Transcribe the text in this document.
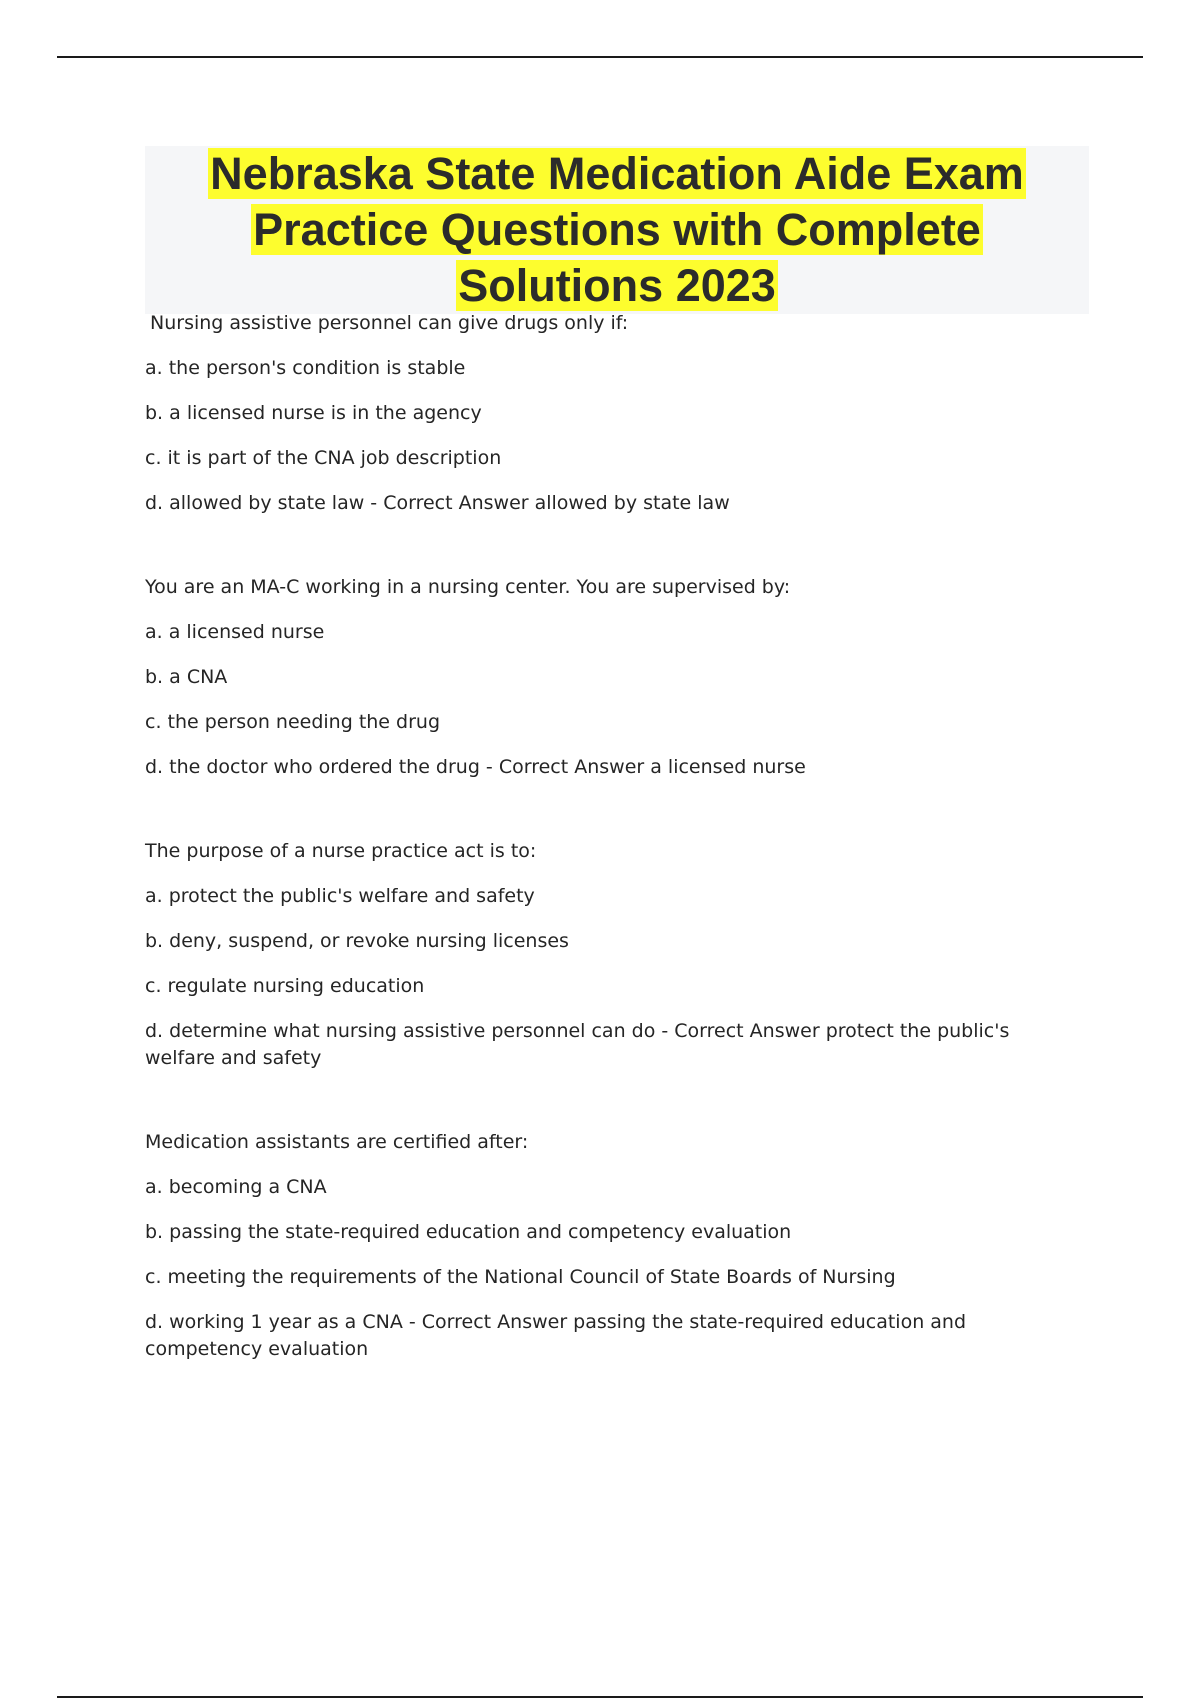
Nebraska State Medication Aide Exam
Practice Questions with Complete
Solutions 2023

Nursing assistive personnel can give drugs only if:

a. the person's condition is stable

b. a licensed nurse is in the agency

c. it is part of the CNA job description

d. allowed by state law - Correct Answer allowed by state law

You are an MA-C working in a nursing center. You are supervised by:

a. a licensed nurse

b. a CNA

c. the person needing the drug

d. the doctor who ordered the drug - Correct Answer a licensed nurse

The purpose of a nurse practice act is to:

a. protect the public's welfare and safety

b. deny, suspend, or revoke nursing licenses

c. regulate nursing education

d. determine what nursing assistive personnel can do - Correct Answer protect the public's welfare and safety

Medication assistants are certified after:

a. becoming a CNA

b. passing the state-required education and competency evaluation

c. meeting the requirements of the National Council of State Boards of Nursing

d. working 1 year as a CNA - Correct Answer passing the state-required education and competency evaluation
